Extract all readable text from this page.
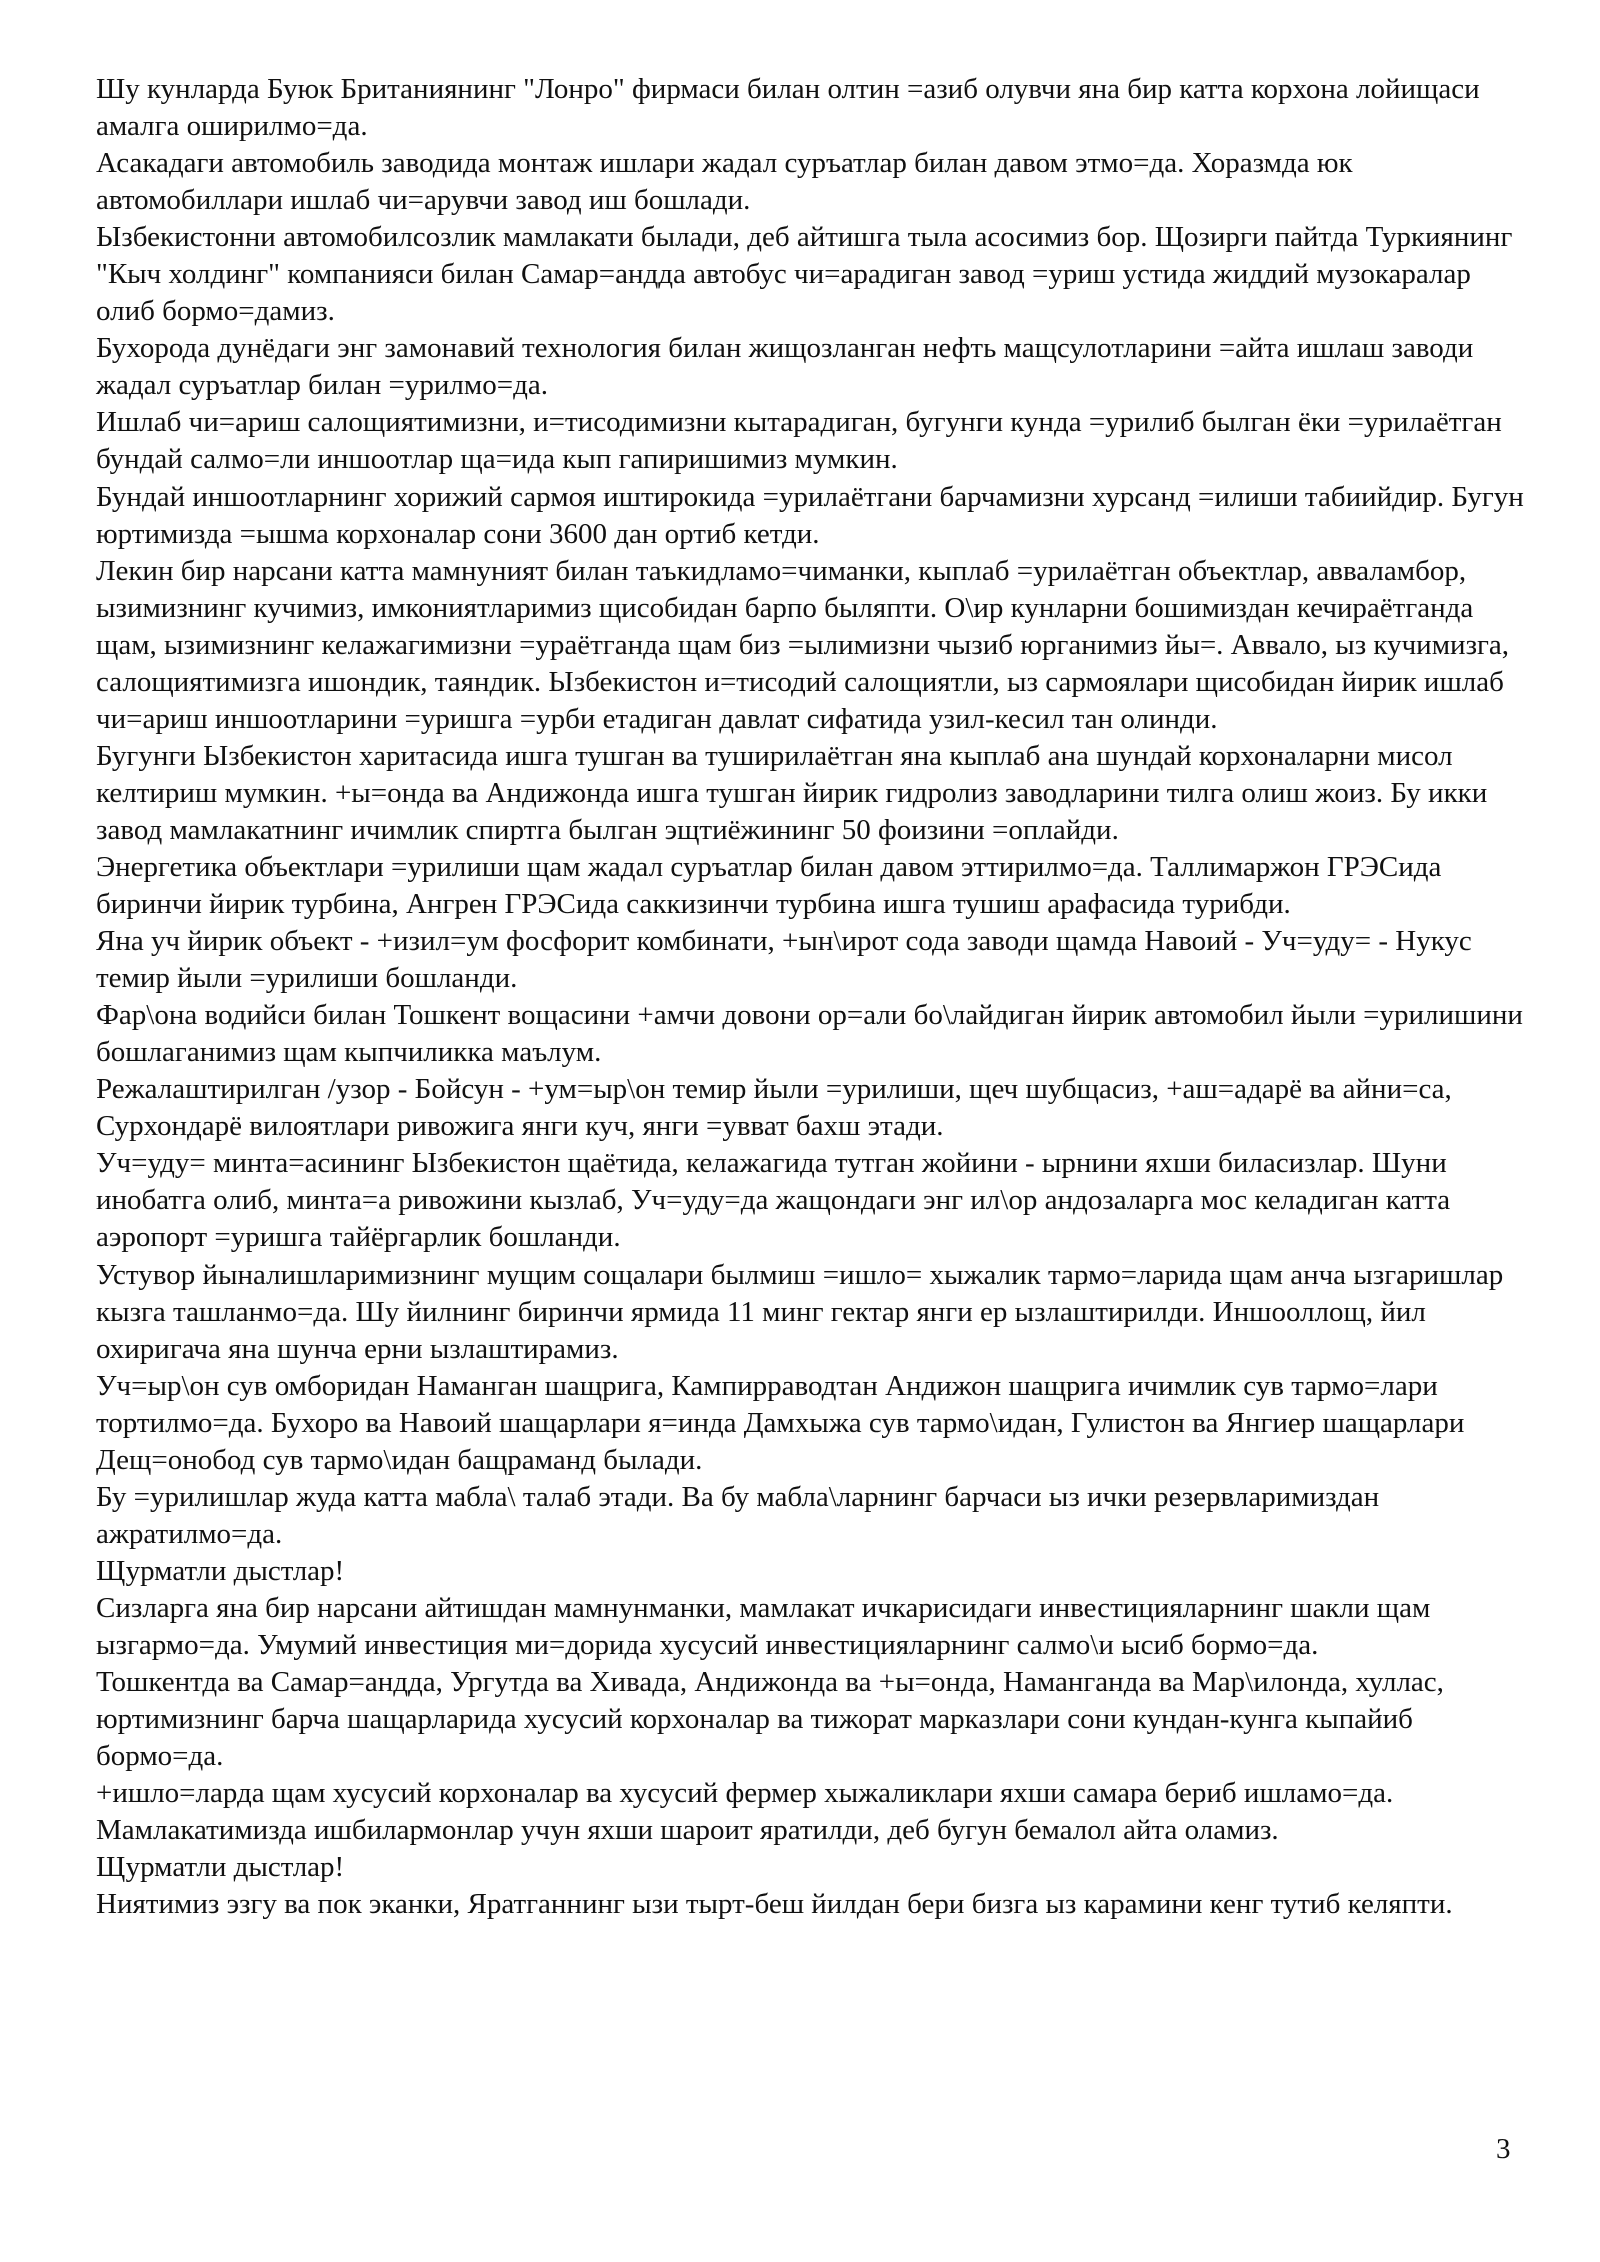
Шу кунларда Буюк Британиянинг "Лонро" фирмаси билан олтин =азиб олувчи яна бир катта корхона лойищаси амалга оширилмо=да.

Асакадаги автомобиль заводида монтаж ишлари жадал суръатлар билан давом этмо=да. Хоразмда юк автомобиллари ишлаб чи=арувчи завод иш бошлади.

Ызбекистонни автомобилсозлик мамлакати былади, деб айтишга тыла асосимиз бор. Щозирги пайтда Туркиянинг "Кыч холдинг" компанияси билан Самар=андда автобус чи=арадиган завод =уриш устида жиддий музокаралар олиб бормо=дамиз.

Бухорода дунёдаги энг замонавий технология билан жищозланган нефть мащсулотларини =айта ишлаш заводи жадал суръатлар билан =урилмо=да.

Ишлаб чи=ариш салощиятимизни, и=тисодимизни кытарадиган, бугунги кунда =урилиб былган ёки =урилаётган бундай салмо=ли иншоотлар ща=ида кып гапиришимиз мумкин.

Бундай иншоотларнинг хорижий сармоя иштирокида =урилаётгани барчамизни хурсанд =илиши табиийдир. Бугун юртимизда =ышма корхоналар сони 3600 дан ортиб кетди.

Лекин бир нарсани катта мамнуният билан таъкидламо=чиманки, кыплаб =урилаётган объектлар, авваламбор, ызимизнинг кучимиз, имкониятларимиз щисобидан барпо быляпти. О\ир кунларни бошимиздан кечираётганда щам, ызимизнинг келажагимизни =ураётганда щам биз =ылимизни чызиб юрганимиз йы=. Аввало, ыз кучимизга, салощиятимизга ишондик, таяндик. Ызбекистон и=тисодий салощиятли, ыз сармоялари щисобидан йирик ишлаб чи=ариш иншоотларини =уришга =урби етадиган давлат сифатида узил-кесил тан олинди.

Бугунги Ызбекистон харитасида ишга тушган ва туширилаётган яна кыплаб ана шундай корхоналарни мисол келтириш мумкин. +ы=онда ва Андижонда ишга тушган йирик гидролиз заводларини тилга олиш жоиз. Бу икки завод мамлакатнинг ичимлик спиртга былган эщтиёжининг 50 фоизини =оплайди.

Энергетика объектлари =урилиши щам жадал суръатлар билан давом эттирилмо=да. Таллимаржон ГРЭСида биринчи йирик турбина, Ангрен ГРЭСида саккизинчи турбина ишга тушиш арафасида турибди.

Яна уч йирик объект - +изил=ум фосфорит комбинати, +ын\ирот сода заводи щамда Навоий - Уч=уду= - Нукус темир йыли =урилиши бошланди.

Фар\она водийси билан Тошкент вощасини +амчи довони ор=али бо\лайдиган йирик автомобил йыли =урилишини бошлаганимиз щам кыпчиликка маълум.

Режалаштирилган /узор - Бойсун - +ум=ыр\он темир йыли =урилиши, щеч шубщасиз, +аш=адарё ва айни=са, Сурхондарё вилоятлари ривожига янги куч, янги =увват бахш этади.

Уч=уду= минта=асининг Ызбекистон щаётида, келажагида тутган жойини - ырнини яхши биласизлар. Шуни инобатга олиб, минта=а ривожини кызлаб, Уч=уду=да жащондаги энг ил\ор андозаларга мос келадиган катта аэропорт =уришга тайёргарлик бошланди.

Устувор йыналишларимизнинг мущим сощалари былмиш =ишло= хыжалик тармо=ларида щам анча ызгаришлар кызга ташланмо=да. Шу йилнинг биринчи ярмида 11 минг гектар янги ер ызлаштирилди. Иншооллощ, йил охиригача яна шунча ерни ызлаштирамиз.

Уч=ыр\он сув омборидан Наманган шащрига, Кампирраводтан Андижон шащрига ичимлик сув тармо=лари тортилмо=да. Бухоро ва Навоий шащарлари я=инда Дамхыжа сув тармо\идан, Гулистон ва Янгиер шащарлари Дещ=онобод сув тармо\идан бащраманд былади.

Бу =урилишлар жуда катта мабла\ талаб этади. Ва бу мабла\ларнинг барчаси ыз ички резервларимиздан ажратилмо=да.

Щурматли дыстлар!

Сизларга яна бир нарсани айтишдан мамнунманки, мамлакат ичкарисидаги инвестицияларнинг шакли щам ызгармо=да. Умумий инвестиция ми=дорида хусусий инвестицияларнинг салмо\и ысиб бормо=да.

Тошкентда ва Самар=андда, Ургутда ва Хивада, Андижонда ва +ы=онда, Наманганда ва Мар\илонда, хуллас, юртимизнинг барча шащарларида хусусий корхоналар ва тижорат марказлари сони кундан-кунга кыпайиб бормо=да.

+ишло=ларда щам хусусий корхоналар ва хусусий фермер хыжаликлари яхши самара бериб ишламо=да.

Мамлакатимизда ишбилармонлар учун яхши шароит яратилди, деб бугун бемалол айта оламиз.

Щурматли дыстлар!

Ниятимиз эзгу ва пок эканки, Яратганнинг ызи тырт-беш йилдан бери бизга ыз карамини кенг тутиб келяпти.

3
